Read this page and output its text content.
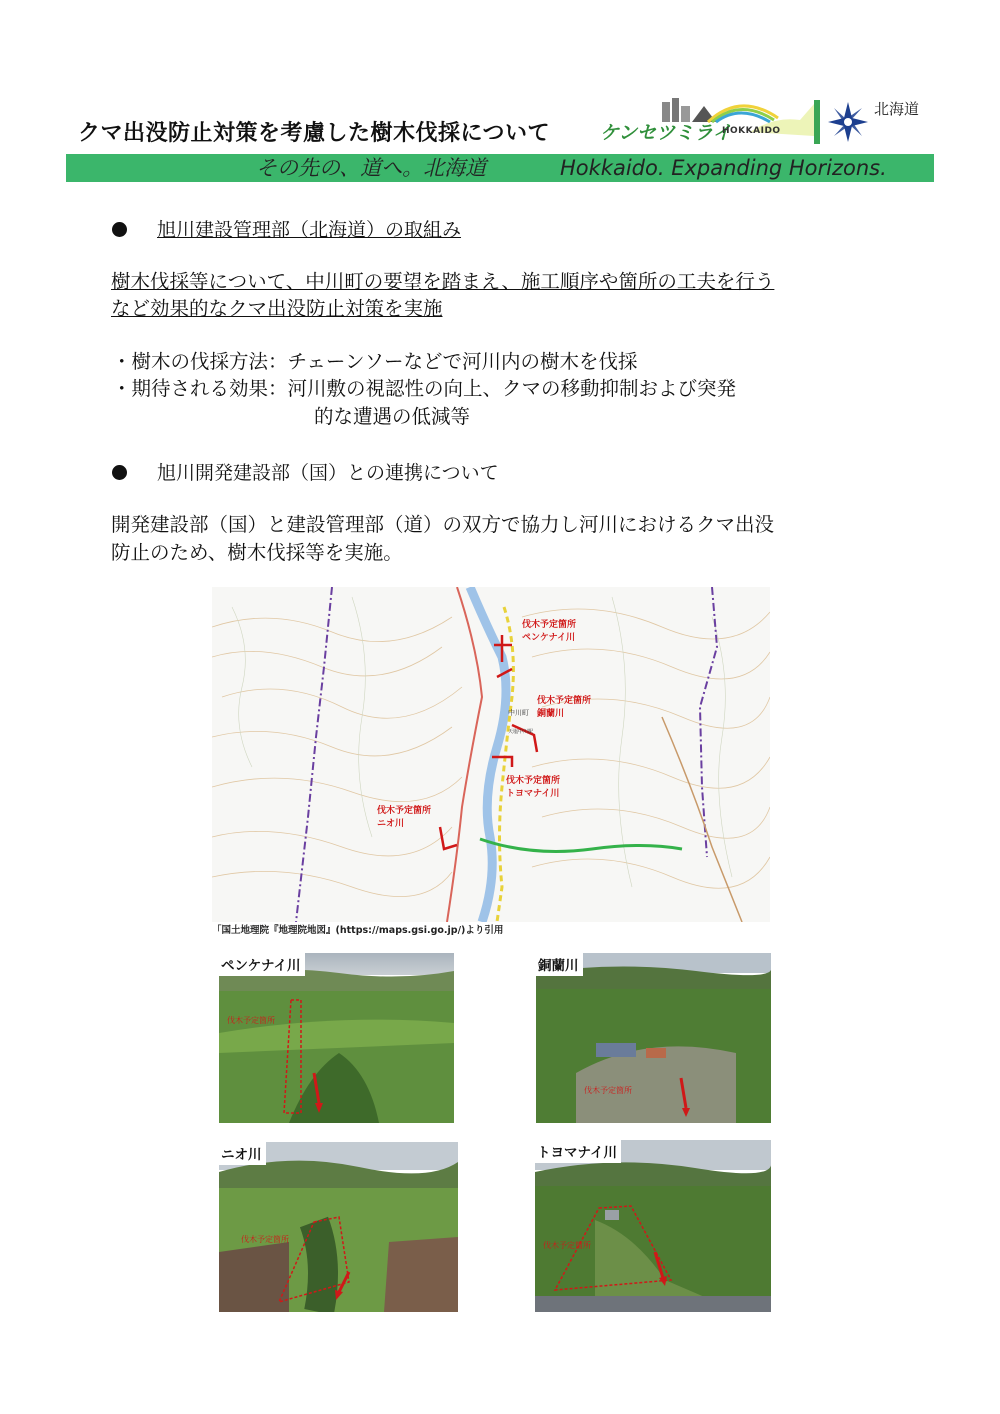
クマ出没防止対策を考慮した樹木伐採について	ケンセツミライ
HOKKAIDO
北海道
その先の、道へ。北海道	Hokkaido. Expanding Horizons.
旭川建設管理部（北海道）の取組み
樹木伐採等について、中川町の要望を踏まえ、施工順序や箇所の工夫を行う
など効果的なクマ出没防止対策を実施
・樹木の伐採方法：チェーンソーなどで河川内の樹木を伐採
・期待される効果：河川敷の視認性の向上、クマの移動抑制および突発
的な遭遇の低減等
旭川開発建設部（国）との連携について
開発建設部（国）と建設管理部（道）の双方で協力し河川におけるクマ出没
防止のため、樹木伐採等を実施。
伐木予定箇所
ペンケナイ川
伐木予定箇所
銅蘭川
伐木予定箇所
トヨマナイ川
伐木予定箇所
ニオ川
中川町
天塩中川駅
「国土地理院『地理院地図』(https://maps.gsi.go.jp/)より引用
伐木予定箇所
ペンケナイ川
伐木予定箇所
銅蘭川
伐木予定箇所
ニオ川
伐木予定箇所
トヨマナイ川
